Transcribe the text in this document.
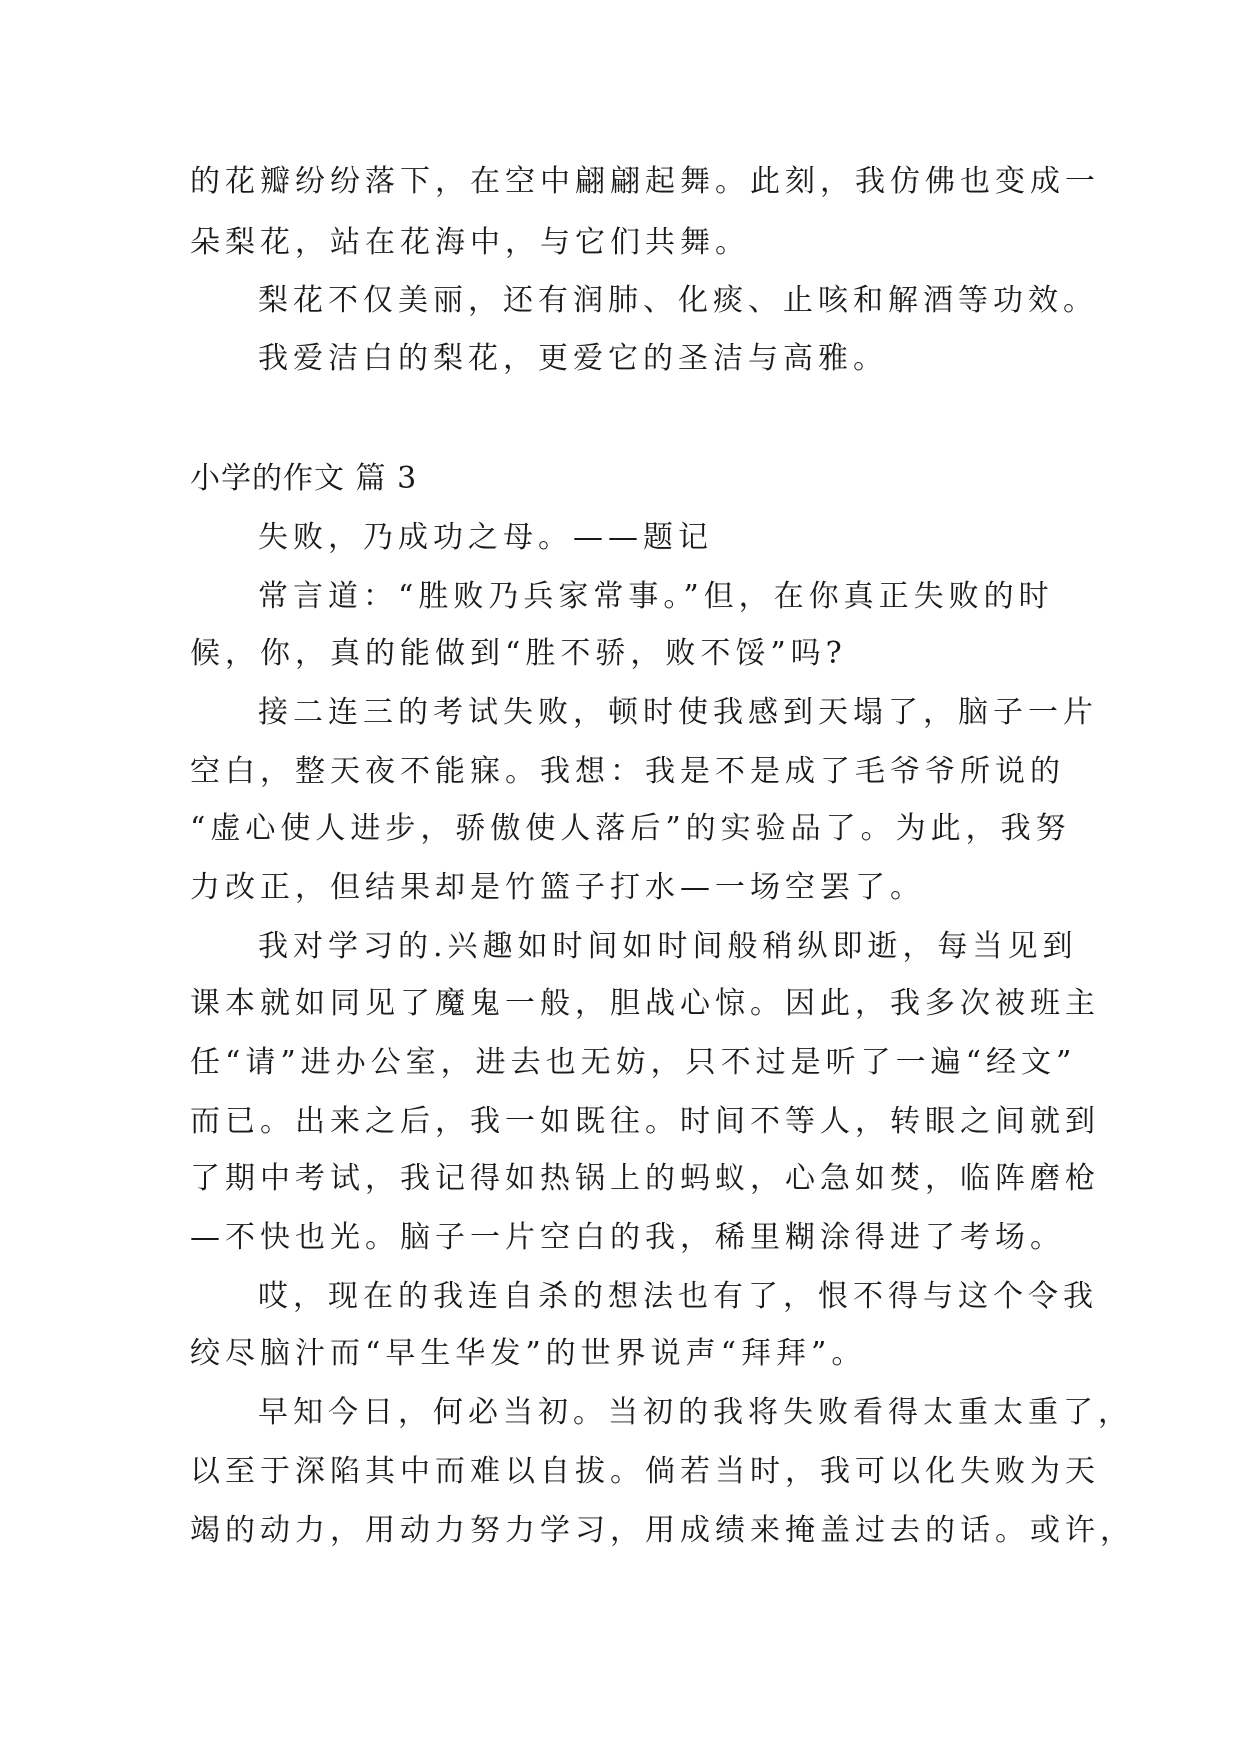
的花瓣纷纷落下，在空中翩翩起舞。此刻，我仿佛也变成一

朵梨花，站在花海中，与它们共舞。

梨花不仅美丽，还有润肺、化痰、止咳和解酒等功效。

我爱洁白的梨花，更爱它的圣洁与高雅。

小学的作文 篇 3

失败，乃成功之母。——题记

常言道：“胜败乃兵家常事。”但，在你真正失败的时

候，你，真的能做到“胜不骄，败不馁”吗?

接二连三的考试失败，顿时使我感到天塌了，脑子一片

空白，整天夜不能寐。我想：我是不是成了毛爷爷所说的

“虚心使人进步，骄傲使人落后”的实验品了。为此，我努

力改正，但结果却是竹篮子打水—一场空罢了。

我对学习的.兴趣如时间如时间般稍纵即逝，每当见到

课本就如同见了魔鬼一般，胆战心惊。因此，我多次被班主

任“请”进办公室，进去也无妨，只不过是听了一遍“经文”

而已。出来之后，我一如既往。时间不等人，转眼之间就到

了期中考试，我记得如热锅上的蚂蚁，心急如焚，临阵磨枪

—不快也光。脑子一片空白的我，稀里糊涂得进了考场。

哎，现在的我连自杀的想法也有了，恨不得与这个令我

绞尽脑汁而“早生华发”的世界说声“拜拜”。

早知今日，何必当初。当初的我将失败看得太重太重了，

以至于深陷其中而难以自拔。倘若当时，我可以化失败为天

竭的动力，用动力努力学习，用成绩来掩盖过去的话。或许，
